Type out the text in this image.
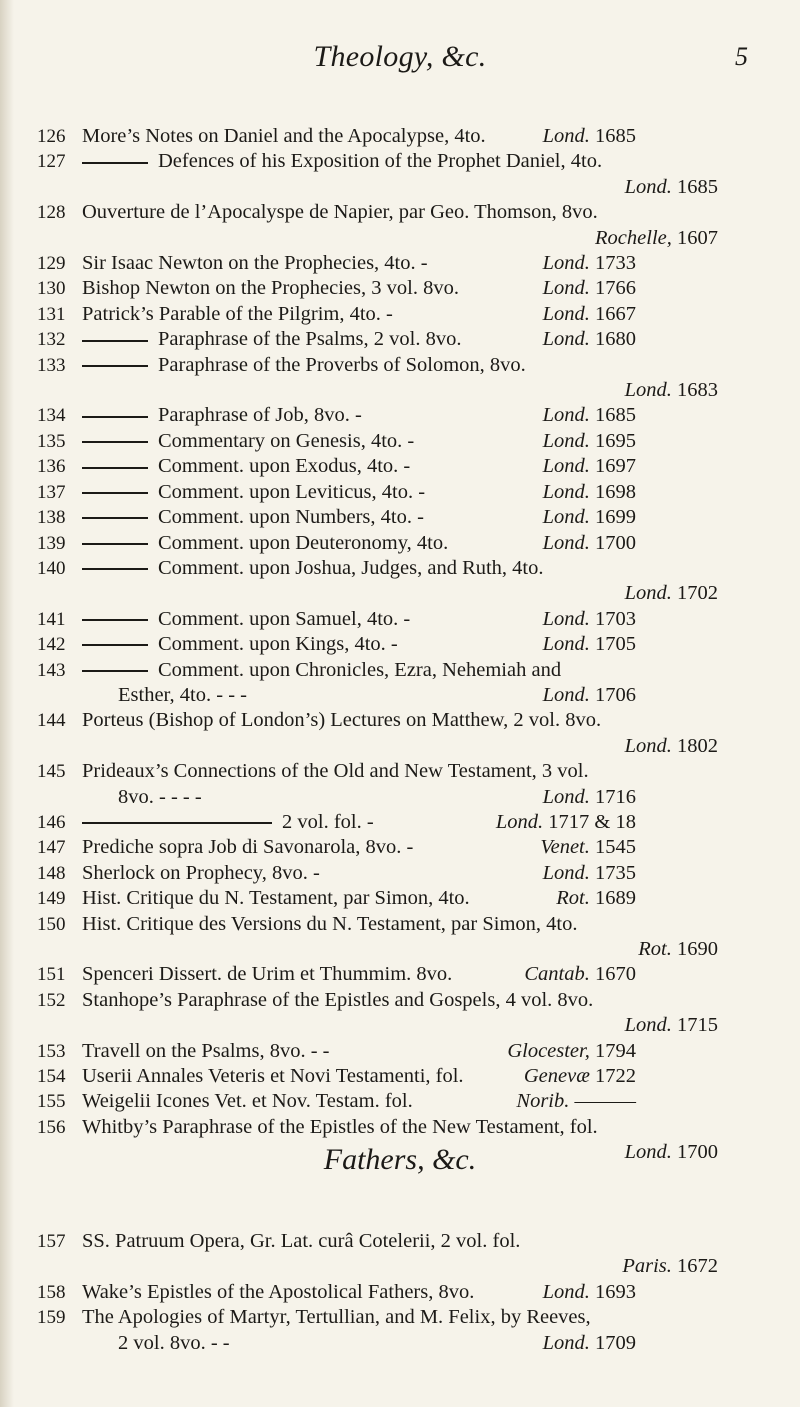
Theology, &c.	5
126 More’s Notes on Daniel and the Apocalypse, 4to.	Lond. 1685
127	Defences of his Exposition of the Prophet Daniel, 4to.
Lond. 1685
128 Ouverture de l’Apocalyspe de Napier, par Geo. Thomson, 8vo.
Rochelle, 1607
129 Sir Isaac Newton on the Prophecies, 4to. -	Lond. 1733
130 Bishop Newton on the Prophecies, 3 vol. 8vo.	Lond. 1766
131 Patrick’s Parable of the Pilgrim, 4to. -	Lond. 1667
132	Paraphrase of the Psalms, 2 vol. 8vo.	Lond. 1680
133	Paraphrase of the Proverbs of Solomon, 8vo.
Lond. 1683
134	Paraphrase of Job, 8vo. -	Lond. 1685
135	Commentary on Genesis, 4to. -	Lond. 1695
136	Comment. upon Exodus, 4to. -	Lond. 1697
137	Comment. upon Leviticus, 4to. -	Lond. 1698
138	Comment. upon Numbers, 4to. -	Lond. 1699
139	Comment. upon Deuteronomy, 4to.	Lond. 1700
140	Comment. upon Joshua, Judges, and Ruth, 4to.
Lond. 1702
141	Comment. upon Samuel, 4to. -	Lond. 1703
142	Comment. upon Kings, 4to. -	Lond. 1705
143	Comment. upon Chronicles, Ezra, Nehemiah and
Esther, 4to. - - -	Lond. 1706
144 Porteus (Bishop of London’s) Lectures on Matthew, 2 vol. 8vo.
Lond. 1802
145 Prideaux’s Connections of the Old and New Testament, 3 vol.
8vo. - - - -	Lond. 1716
146	2 vol. fol. -	Lond. 1717 & 18
147 Prediche sopra Job di Savonarola, 8vo. -	Venet. 1545
148 Sherlock on Prophecy, 8vo. -	Lond. 1735
149 Hist. Critique du N. Testament, par Simon, 4to.	Rot. 1689
150 Hist. Critique des Versions du N. Testament, par Simon, 4to.
Rot. 1690
151 Spenceri Dissert. de Urim et Thummim. 8vo.	Cantab. 1670
152 Stanhope’s Paraphrase of the Epistles and Gospels, 4 vol. 8vo.
Lond. 1715
153 Travell on the Psalms, 8vo. - -	Glocester, 1794
154 Userii Annales Veteris et Novi Testamenti, fol.	Genevæ 1722
155 Weigelii Icones Vet. et Nov. Testam. fol.	Norib. ———
156 Whitby’s Paraphrase of the Epistles of the New Testament, fol.
Lond. 1700
Fathers, &c.
157 SS. Patruum Opera, Gr. Lat. curâ Cotelerii, 2 vol. fol.
Paris. 1672
158 Wake’s Epistles of the Apostolical Fathers, 8vo.	Lond. 1693
159 The Apologies of Martyr, Tertullian, and M. Felix, by Reeves,
2 vol. 8vo. - -	Lond. 1709
